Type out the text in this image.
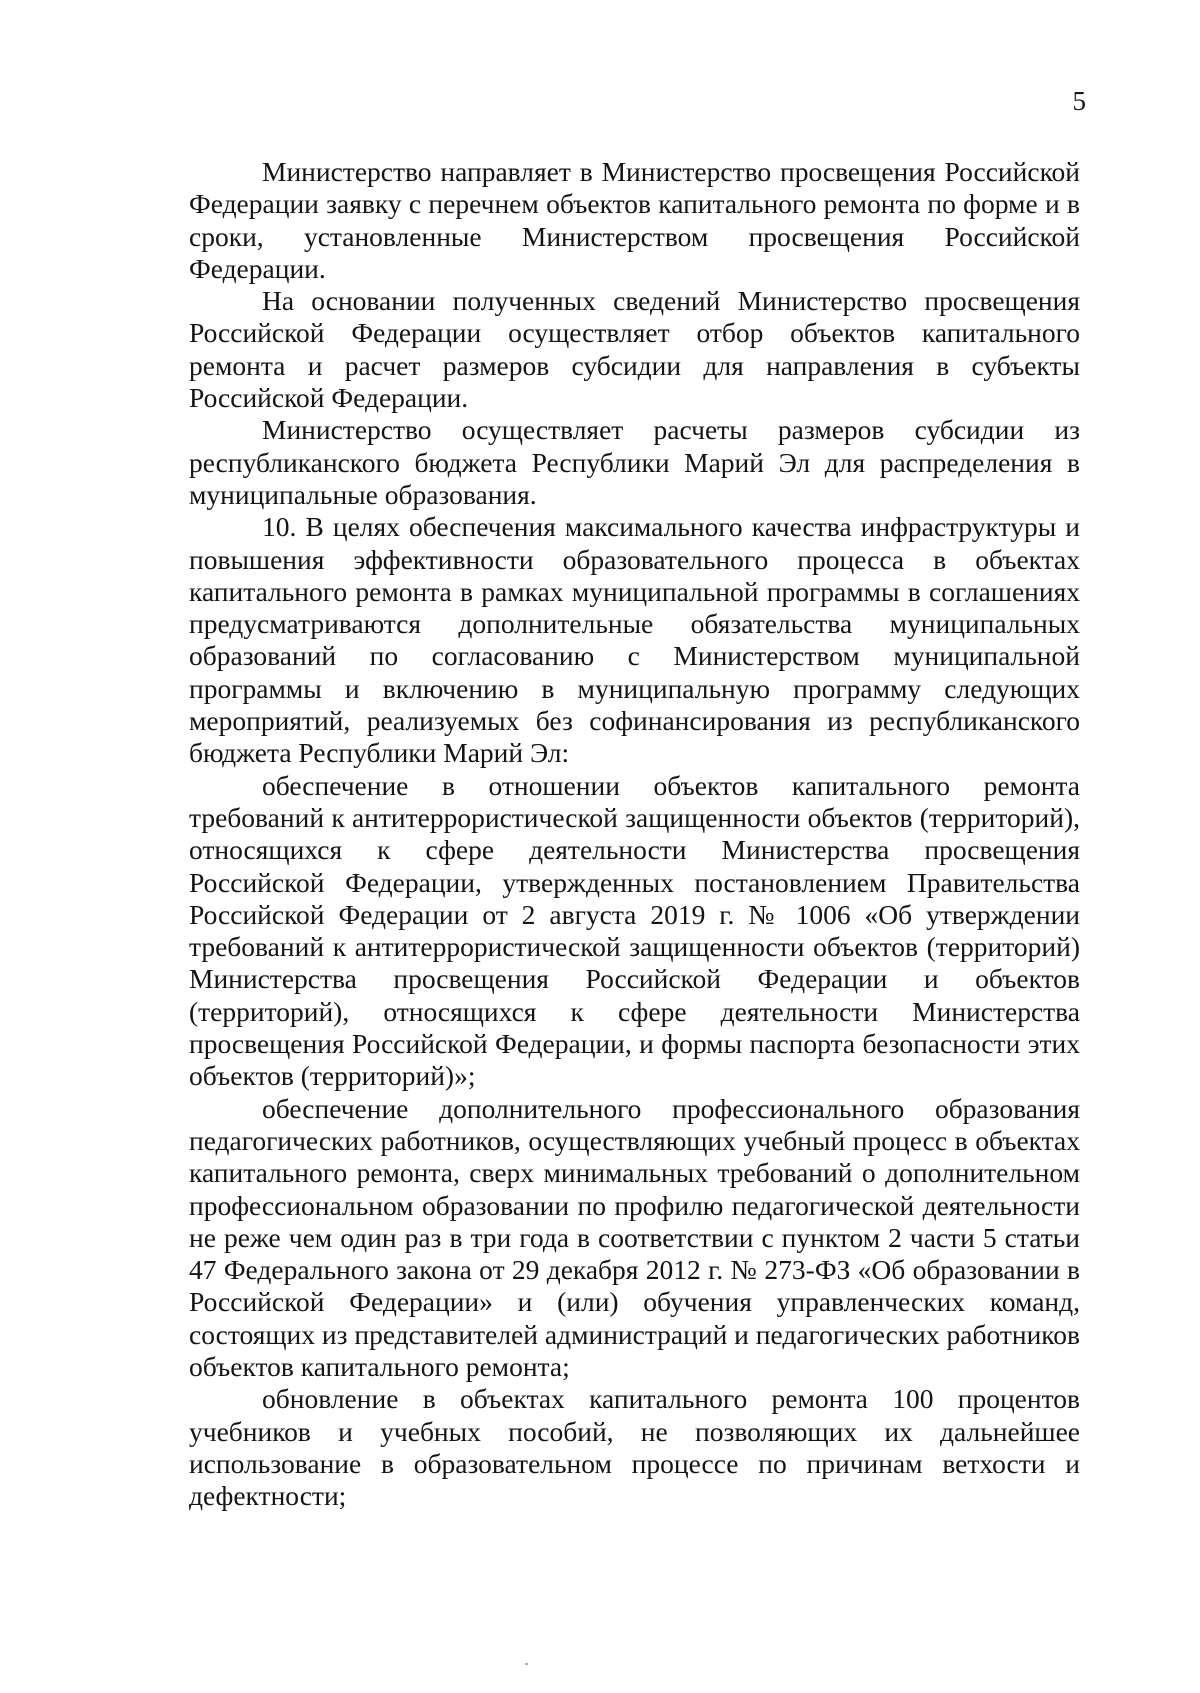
5

Министерство направляет в Министерство просвещения Российской Федерации заявку с перечнем объектов капитального ремонта по форме и в сроки, установленные Министерством просвещения Российской Федерации.

На основании полученных сведений Министерство просвещения Российской Федерации осуществляет отбор объектов капитального ремонта и расчет размеров субсидии для направления в субъекты Российской Федерации.

Министерство осуществляет расчеты размеров субсидии из республиканского бюджета Республики Марий Эл для распределения в муниципальные образования.

10. В целях обеспечения максимального качества инфраструктуры и повышения эффективности образовательного процесса в объектах капитального ремонта в рамках муниципальной программы в соглашениях предусматриваются дополнительные обязательства муниципальных образований по согласованию с Министерством муниципальной программы и включению в муниципальную программу следующих мероприятий, реализуемых без софинансирования из республиканского бюджета Республики Марий Эл:

обеспечение в отношении объектов капитального ремонта требований к антитеррористической защищенности объектов (территорий), относящихся к сфере деятельности Министерства просвещения Российской Федерации, утвержденных постановлением Правительства Российской Федерации от 2 августа 2019 г. № 1006 «Об утверждении требований к антитеррористической защищенности объектов (территорий) Министерства просвещения Российской Федерации и объектов (территорий), относящихся к сфере деятельности Министерства просвещения Российской Федерации, и формы паспорта безопасности этих объектов (территорий)»;

обеспечение дополнительного профессионального образования педагогических работников, осуществляющих учебный процесс в объектах капитального ремонта, сверх минимальных требований о дополнительном профессиональном образовании по профилю педагогической деятельности не реже чем один раз в три года в соответствии с пунктом 2 части 5 статьи 47 Федерального закона от 29 декабря 2012 г. № 273-ФЗ «Об образовании в Российской Федерации» и (или) обучения управленческих команд, состоящих из представителей администраций и педагогических работников объектов капитального ремонта;

обновление в объектах капитального ремонта 100 процентов учебников и учебных пособий, не позволяющих их дальнейшее использование в образовательном процессе по причинам ветхости и дефектности;
